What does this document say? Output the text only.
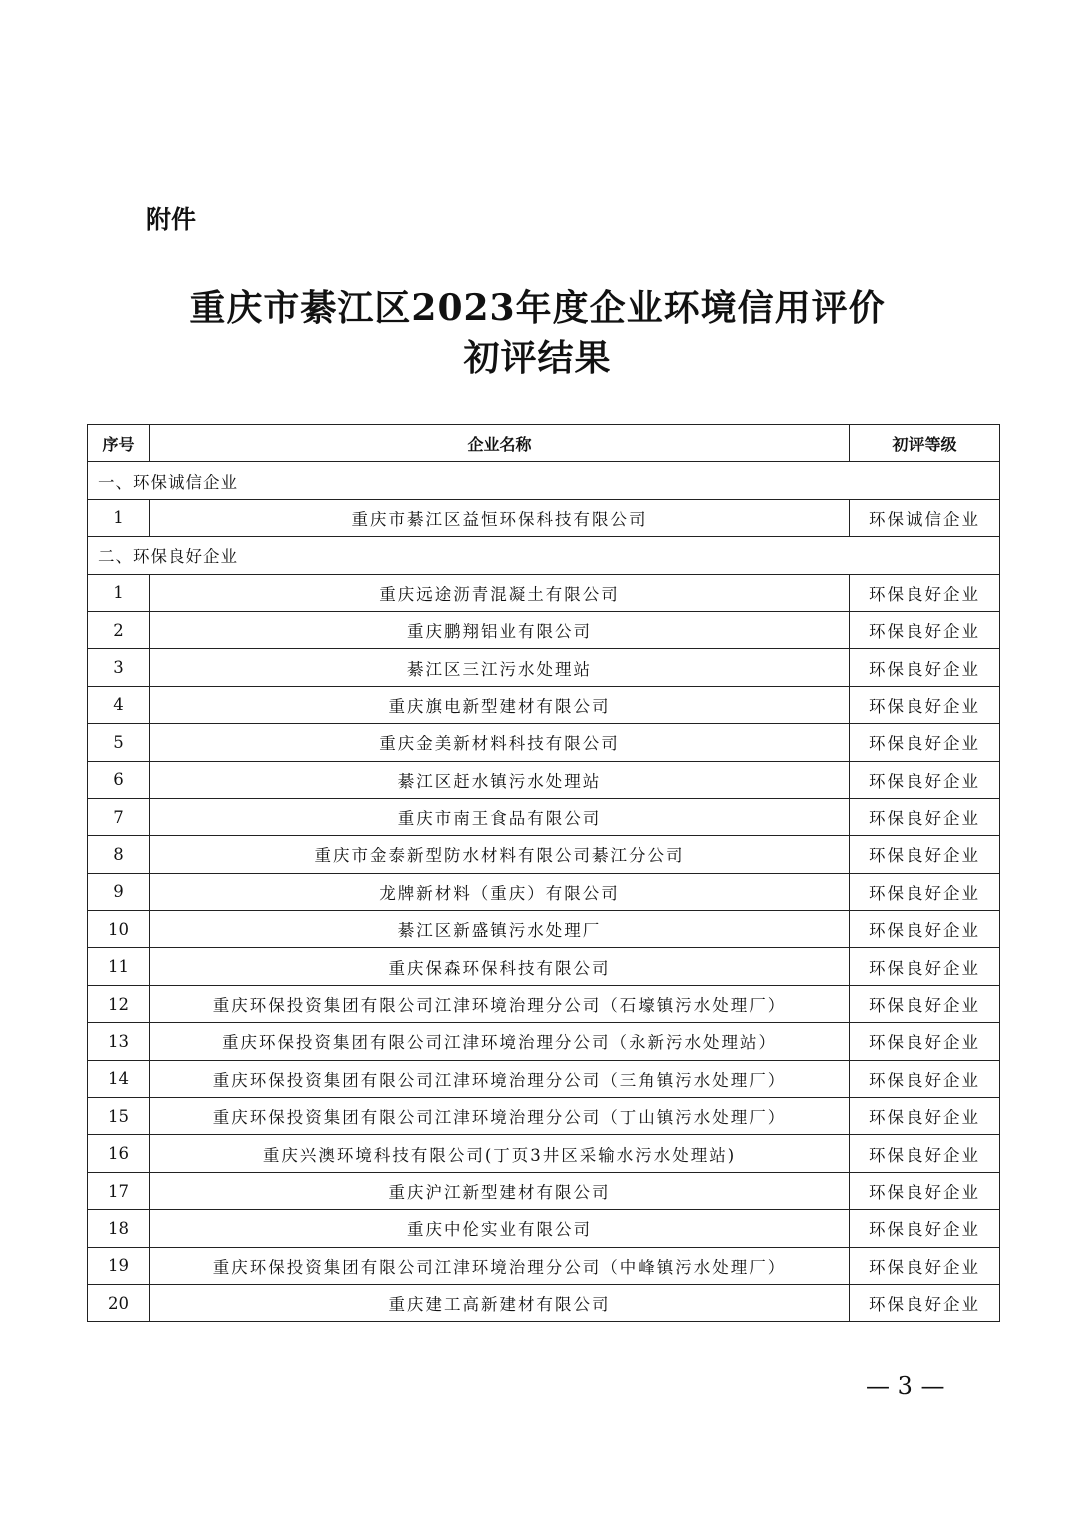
附件
重庆市綦江区2023年度企业环境信用评价
初评结果
序号	企业名称	初评等级
一、环保诚信企业		
1	重庆市綦江区益恒环保科技有限公司	环保诚信企业
二、环保良好企业		
1	重庆远途沥青混凝土有限公司	环保良好企业
2	重庆鹏翔铝业有限公司	环保良好企业
3	綦江区三江污水处理站	环保良好企业
4	重庆旗电新型建材有限公司	环保良好企业
5	重庆金美新材料科技有限公司	环保良好企业
6	綦江区赶水镇污水处理站	环保良好企业
7	重庆市南王食品有限公司	环保良好企业
8	重庆市金泰新型防水材料有限公司綦江分公司	环保良好企业
9	龙牌新材料（重庆）有限公司	环保良好企业
10	綦江区新盛镇污水处理厂	环保良好企业
11	重庆保森环保科技有限公司	环保良好企业
12	重庆环保投资集团有限公司江津环境治理分公司（石壕镇污水处理厂）	环保良好企业
13	重庆环保投资集团有限公司江津环境治理分公司（永新污水处理站）	环保良好企业
14	重庆环保投资集团有限公司江津环境治理分公司（三角镇污水处理厂）	环保良好企业
15	重庆环保投资集团有限公司江津环境治理分公司（丁山镇污水处理厂）	环保良好企业
16	重庆兴澳环境科技有限公司(丁页3井区采输水污水处理站)	环保良好企业
17	重庆沪江新型建材有限公司	环保良好企业
18	重庆中伦实业有限公司	环保良好企业
19	重庆环保投资集团有限公司江津环境治理分公司（中峰镇污水处理厂）	环保良好企业
20	重庆建工高新建材有限公司	环保良好企业
— 3 —
